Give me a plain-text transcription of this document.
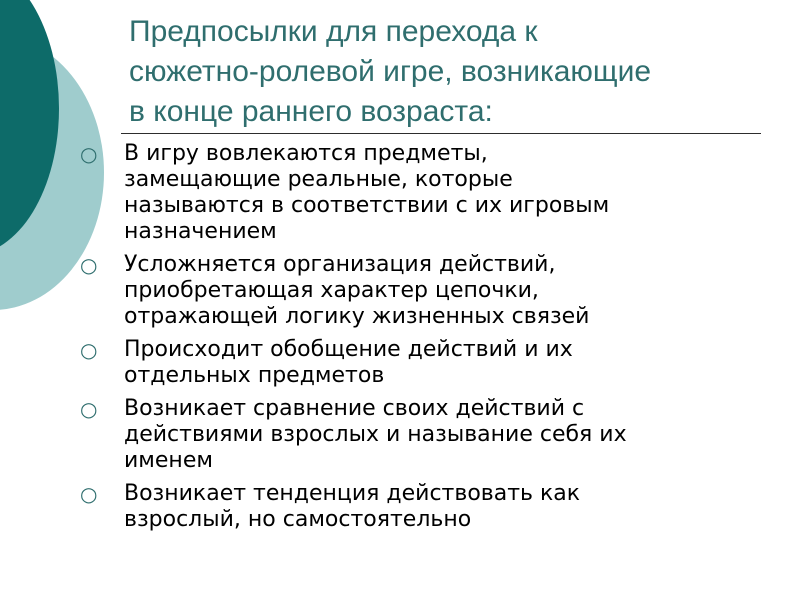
Предпосылки для перехода к
сюжетно-ролевой игре, возникающие
в конце раннего возраста:
○	В игру вовлекаются предметы,
замещающие реальные, которые
называются в соответствии с их игровым
назначением
○	Усложняется организация действий,
приобретающая характер цепочки,
отражающей логику жизненных связей
○	Происходит обобщение действий и их
отдельных предметов
○	Возникает сравнение своих действий с
действиями взрослых и называние себя их
именем
○	Возникает тенденция действовать как
взрослый, но самостоятельно
